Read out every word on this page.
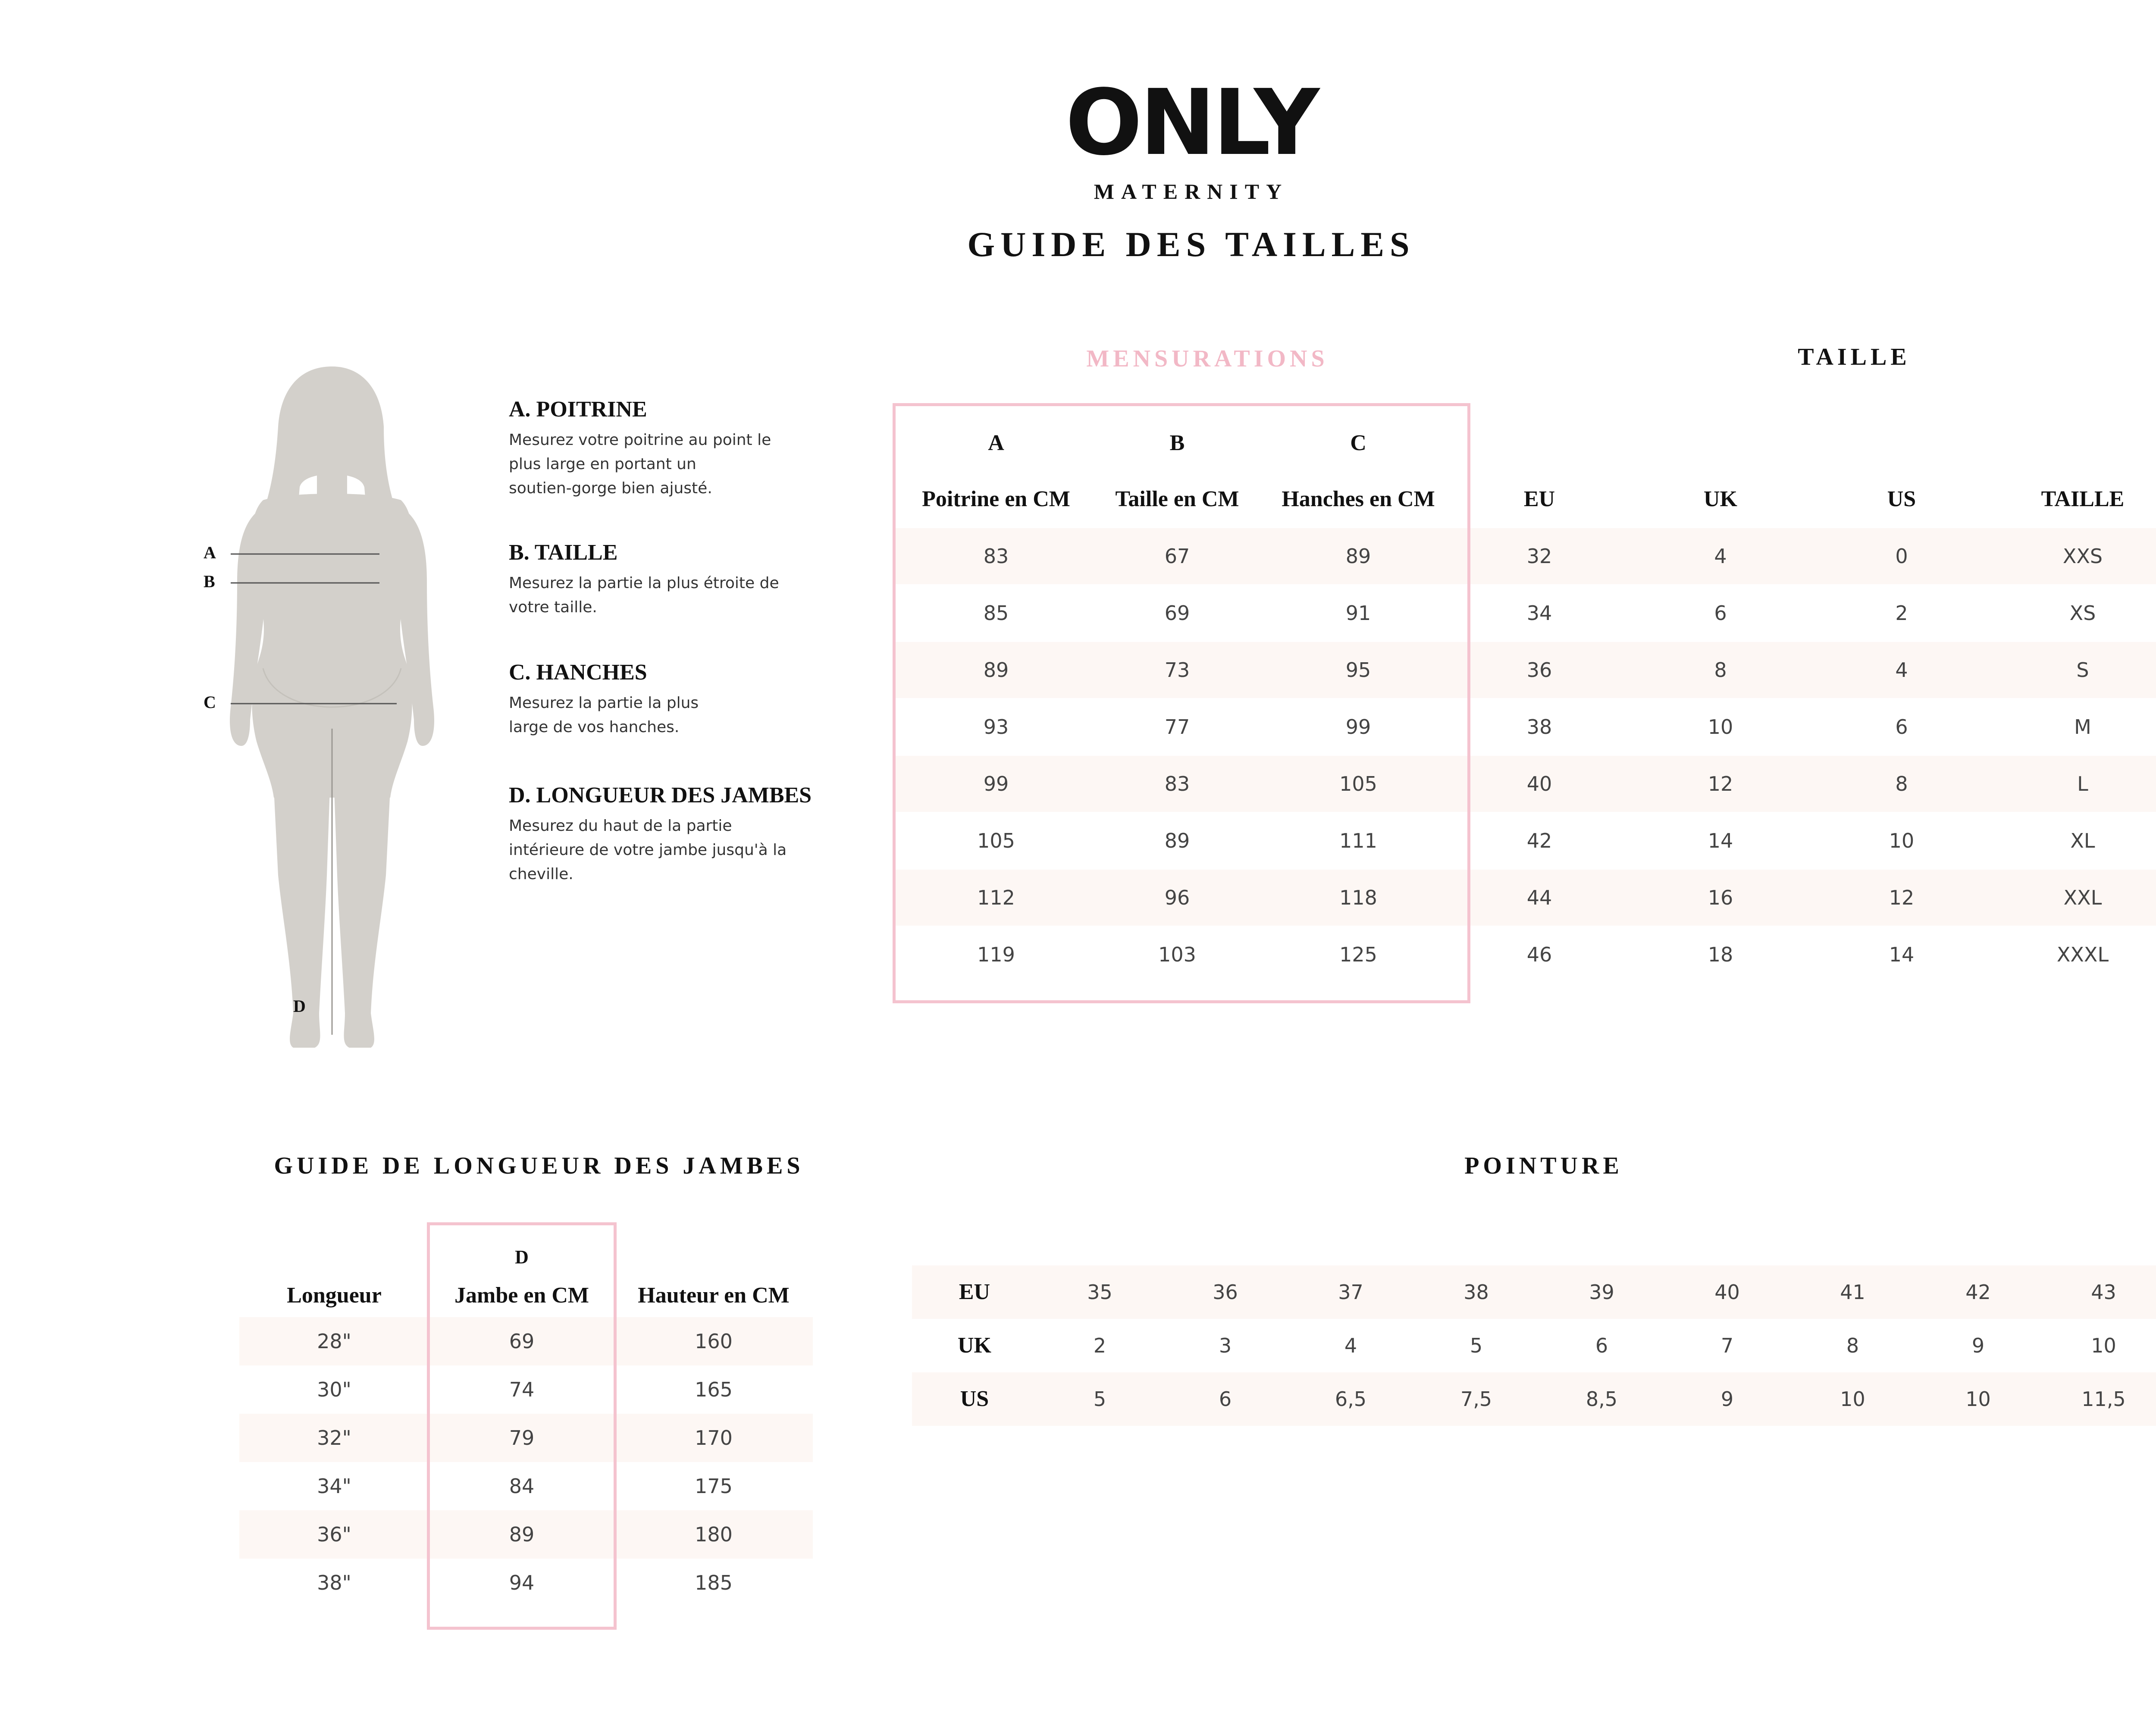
ONLY
MATERNITY
GUIDE DES TAILLES
A
B
C
D
A. POITRINE

Mesurez votre poitrine au point le
plus large en portant un
soutien-gorge bien ajusté.

B. TAILLE

Mesurez la partie la plus étroite de
votre taille.

C. HANCHES

Mesurez la partie la plus
large de vos hanches.

D. LONGUEUR DES JAMBES

Mesurez du haut de la partie
intérieure de votre jambe jusqu'à la
cheville.

MENSURATIONS	TAILLE
A	B	C
Poitrine en CM	Taille en CM	Hanches en CM	EU	UK	US	TAILLE
83	67	89	32	4	0	XXS
85	69	91	34	6	2	XS
89	73	95	36	8	4	S
93	77	99	38	10	6	M
99	83	105	40	12	8	L
105	89	111	42	14	10	XL
112	96	118	44	16	12	XXL
119	103	125	46	18	14	XXXL
GUIDE DE LONGUEUR DES JAMBES
D
Longueur	Jambe en CM	Hauteur en CM
28"	69	160
30"	74	165
32"	79	170
34"	84	175
36"	89	180
38"	94	185
POINTURE
EU	35	36	37	38	39	40	41	42	43
UK	2	3	4	5	6	7	8	9	10
US	5	6	6,5	7,5	8,5	9	10	10	11,5
